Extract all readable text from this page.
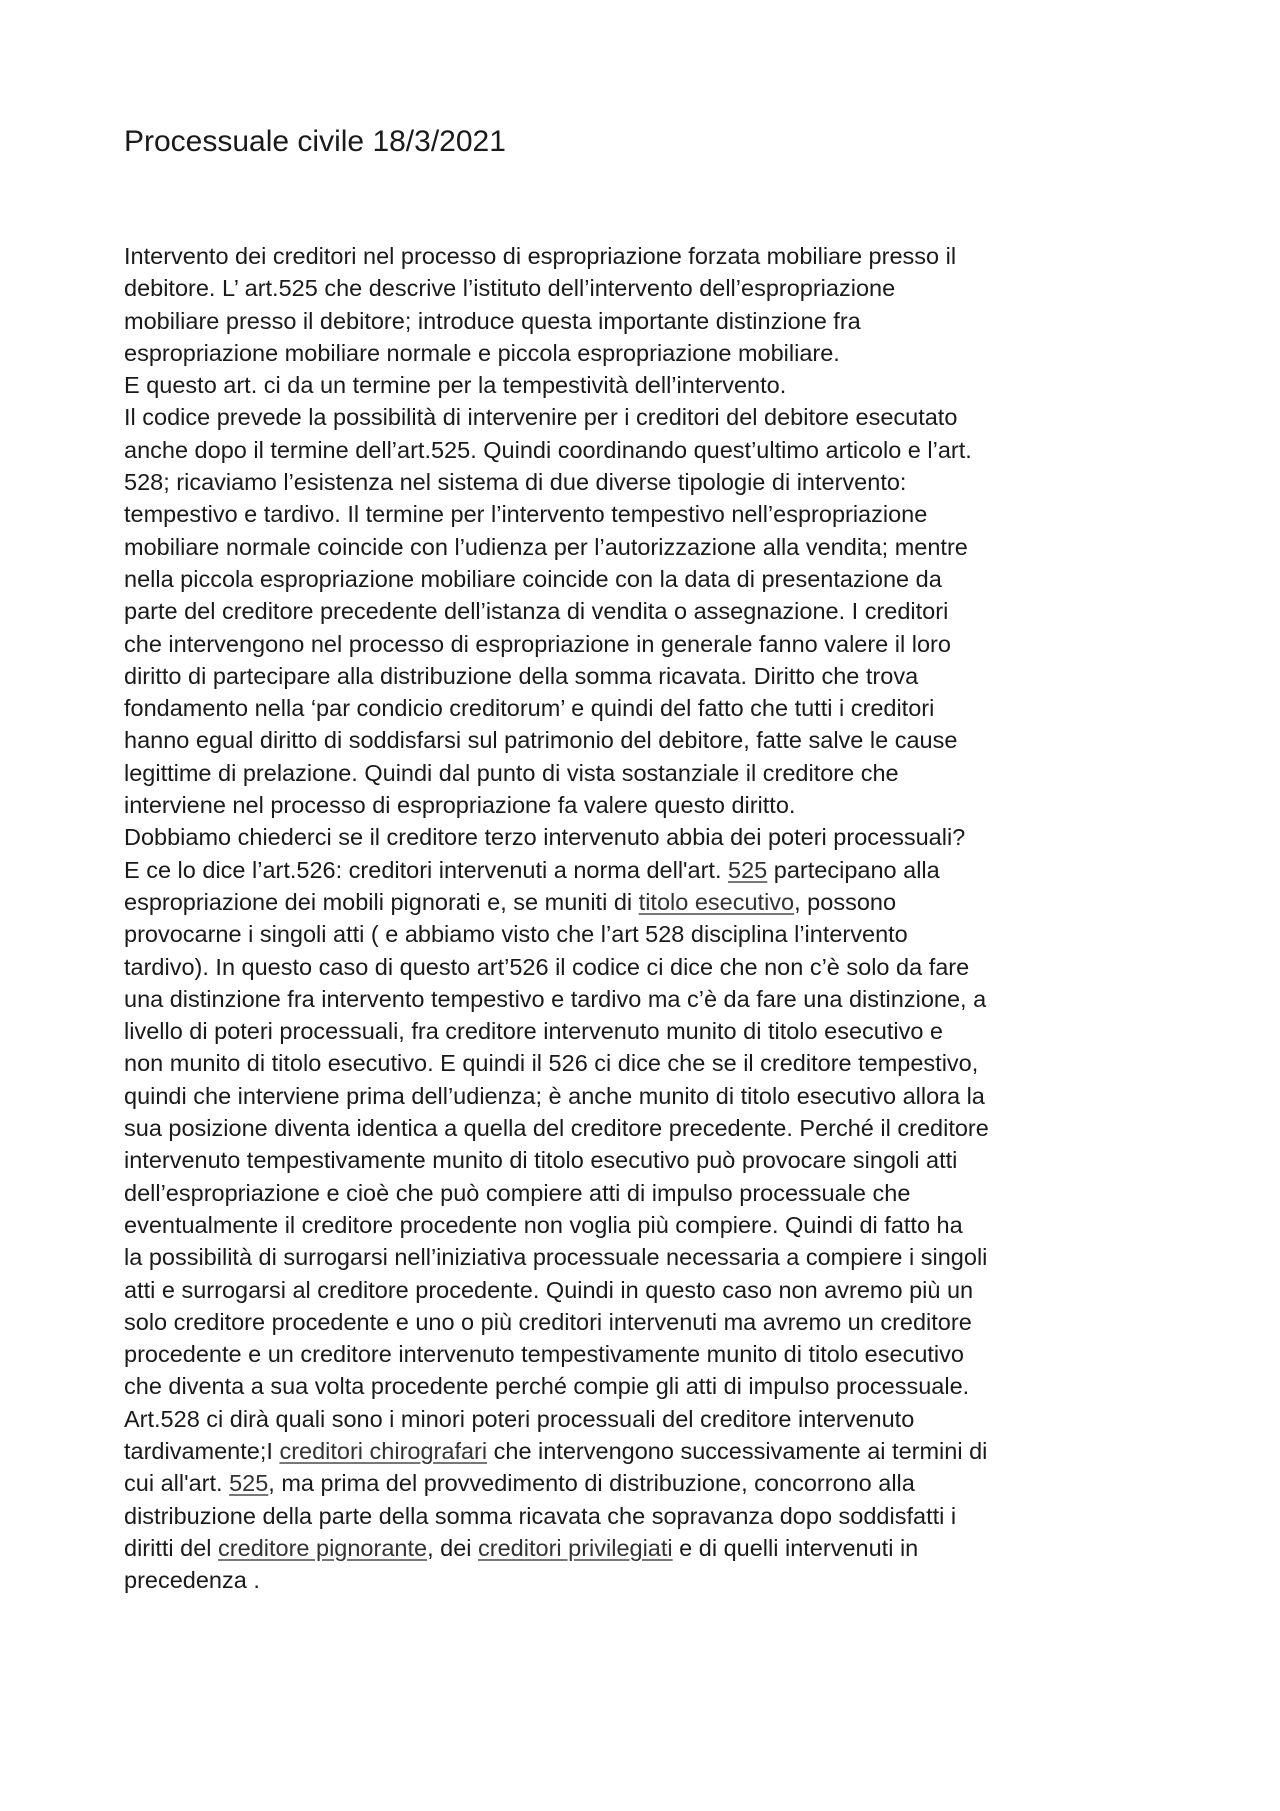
Processuale civile 18/3/2021
Intervento dei creditori nel processo di espropriazione forzata mobiliare presso il
debitore. L’ art.525 che descrive l’istituto dell’intervento dell’espropriazione
mobiliare presso il debitore; introduce questa importante distinzione fra
espropriazione mobiliare normale e piccola espropriazione mobiliare.
E questo art. ci da un termine per la tempestività dell’intervento.
Il codice prevede la possibilità di intervenire per i creditori del debitore esecutato
anche dopo il termine dell’art.525. Quindi coordinando quest’ultimo articolo e l’art.
528; ricaviamo l’esistenza nel sistema di due diverse tipologie di intervento:
tempestivo e tardivo. Il termine per l’intervento tempestivo nell’espropriazione
mobiliare normale coincide con l’udienza per l’autorizzazione alla vendita; mentre
nella piccola espropriazione mobiliare coincide con la data di presentazione da
parte del creditore precedente dell’istanza di vendita o assegnazione. I creditori
che intervengono nel processo di espropriazione in generale fanno valere il loro
diritto di partecipare alla distribuzione della somma ricavata. Diritto che trova
fondamento nella ‘par condicio creditorum’ e quindi del fatto che tutti i creditori
hanno egual diritto di soddisfarsi sul patrimonio del debitore, fatte salve le cause
legittime di prelazione. Quindi dal punto di vista sostanziale il creditore che
interviene nel processo di espropriazione fa valere questo diritto.
Dobbiamo chiederci se il creditore terzo intervenuto abbia dei poteri processuali?
E ce lo dice l’art.526: creditori intervenuti a norma dell'art. 525 partecipano alla
espropriazione dei mobili pignorati e, se muniti di titolo esecutivo, possono
provocarne i singoli atti ( e abbiamo visto che l’art 528 disciplina l’intervento
tardivo). In questo caso di questo art’526 il codice ci dice che non c’è solo da fare
una distinzione fra intervento tempestivo e tardivo ma c’è da fare una distinzione, a
livello di poteri processuali, fra creditore intervenuto munito di titolo esecutivo e
non munito di titolo esecutivo. E quindi il 526 ci dice che se il creditore tempestivo,
quindi che interviene prima dell’udienza; è anche munito di titolo esecutivo allora la
sua posizione diventa identica a quella del creditore precedente. Perché il creditore
intervenuto tempestivamente munito di titolo esecutivo può provocare singoli atti
dell’espropriazione e cioè che può compiere atti di impulso processuale che
eventualmente il creditore procedente non voglia più compiere. Quindi di fatto ha
la possibilità di surrogarsi nell’iniziativa processuale necessaria a compiere i singoli
atti e surrogarsi al creditore procedente. Quindi in questo caso non avremo più un
solo creditore procedente e uno o più creditori intervenuti ma avremo un creditore
procedente e un creditore intervenuto tempestivamente munito di titolo esecutivo
che diventa a sua volta procedente perché compie gli atti di impulso processuale.
Art.528 ci dirà quali sono i minori poteri processuali del creditore intervenuto
tardivamente;I creditori chirografari che intervengono successivamente ai termini di
cui all'art. 525, ma prima del provvedimento di distribuzione, concorrono alla
distribuzione della parte della somma ricavata che sopravanza dopo soddisfatti i
diritti del creditore pignorante, dei creditori privilegiati e di quelli intervenuti in
precedenza .
